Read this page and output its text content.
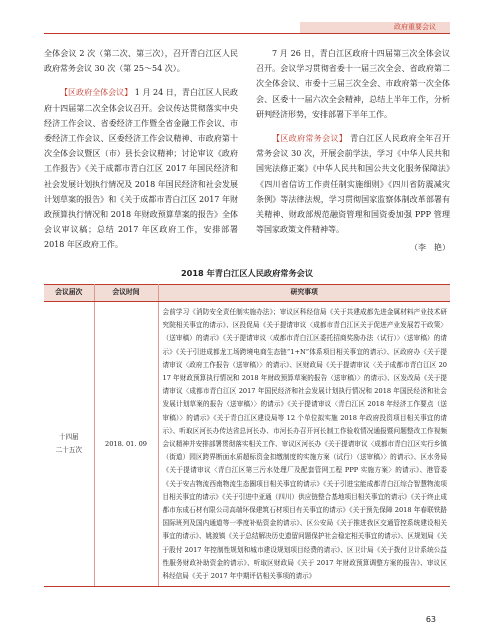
政府重要会议

全体会议 2 次（第二次、第三次），召开青白江区人民政府常务会议 30 次（第 25～54 次）。

【区政府全体会议】 1 月 24 日，青白江区人民政府十四届第二次全体会议召开。会议传达贯彻落实中央经济工作会议、省委经济工作暨全省金融工作会议、市委经济工作会议、区委经济工作会议精神、市政府第十次全体会议暨区（市）县长会议精神；讨论审议《政府工作报告》《关于成都市青白江区 2017 年国民经济和社会发展计划执行情况及 2018 年国民经济和社会发展计划草案的报告》和《关于成都市青白江区 2017 年财政预算执行情况和 2018 年财政预算草案的报告》全体会议审议稿；总结 2017 年区政府工作，安排部署 2018 年区政府工作。

7 月 26 日，青白江区政府十四届第三次全体会议召开。会议学习贯彻省委十一届三次全会、省政府第二次全体会议、市委十三届三次全会、市政府第一次全体会、区委十一届六次全会精神，总结上半年工作，分析研判经济形势，安排部署下半年工作。

【区政府常务会议】 青白江区人民政府全年召开常务会议 30 次，开展会前学法，学习《中华人民共和国宪法修正案》《中华人民共和国公共文化服务保障法》《四川省信访工作责任制实施细则》《四川省防震减灾条例》等法律法规，学习贯彻国家监察体制改革部署有关精神、财政部规范融资管理和国资委加强 PPP 管理等国家政策文件精神等。

（李　艳）
2018 年青白江区人民政府常务会议
会议届次	会议时间	研究事项

十四届
二十五次	2018. 01. 09	会前学习《消防安全责任制实施办法》；审议区科经信局《关于共建成都先进金属材料产业技术研究院相关事宜的请示》、区投促局《关于提请审议〈成都市青白江区关于促进产业发展若干政策〉（送审稿）的请示》《关于提请审议〈成都市青白江区委托招商奖励办法（试行）〉（送审稿）的请示》《关于引进成都龙工场跨境电商生态链“1+N”体系项目相关事宜的请示》、区政府办《关于提请审议〈政府工作报告（送审稿）〉的请示》、区财政局《关于提请审议〈关于成都市青白江区 2017 年财政预算执行情况和 2018 年财政预算草案的报告（送审稿）〉的请示》、区发改局《关于提请审议〈成都市青白江区 2017 年国民经济和社会发展计划执行情况和 2018 年国民经济和社会发展计划草案的报告（送审稿）〉的请示》《关于提请审议〈青白江区 2018 年经济工作要点（送审稿）〉的请示》《关于青白江区建设局等 12 个单位拟实施 2018 年政府投资项目相关事宜的请示》、听取区河长办传达省总河长办、市河长办召开河长制工作验收情况通报暨问题整改工作视频会议精神并安排部署贯彻落实相关工作、审议区河长办《关于提请审议〈成都市青白江区实行乡镇（街道）园区跨界断面水质超标资金扣缴制度的实施方案（试行）（送审稿）〉的请示》、区水务局《关于提请审议〈青白江区第三污水处理厂及配套管网工程 PPP 实施方案〉的请示》、港管委《关于安吉物流西南物流生态圈项目相关事宜的请示》《关于引进宝能成都青白江综合智慧物流项目相关事宜的请示》《关于引进中亚通（四川）供应链整合基地项目相关事宜的请示》《关于终止成都市东成石材有限公司高端环保建筑石材项目有关事宜的请示》《关于预先保障 2018 年春联铁路国际班列及国内通道等一季度补贴资金的请示》、区公安局《关于推进我区交通管控系统建设相关事宜的请示》、姚渡镇《关于总结解决历史遗留问题保护社会稳定相关事宜的请示》、区规划局《关于股付 2017 年控制性规划和城市建设规划项目经费的请示》、区卫计局《关于拨付卫计系统公益性服务财政补助资金的请示》、听取区财政局《关于 2017 年财政预算调整方案的报告》、审议区科经信局《关于 2017 年中期评估相关事项的请示》
63
